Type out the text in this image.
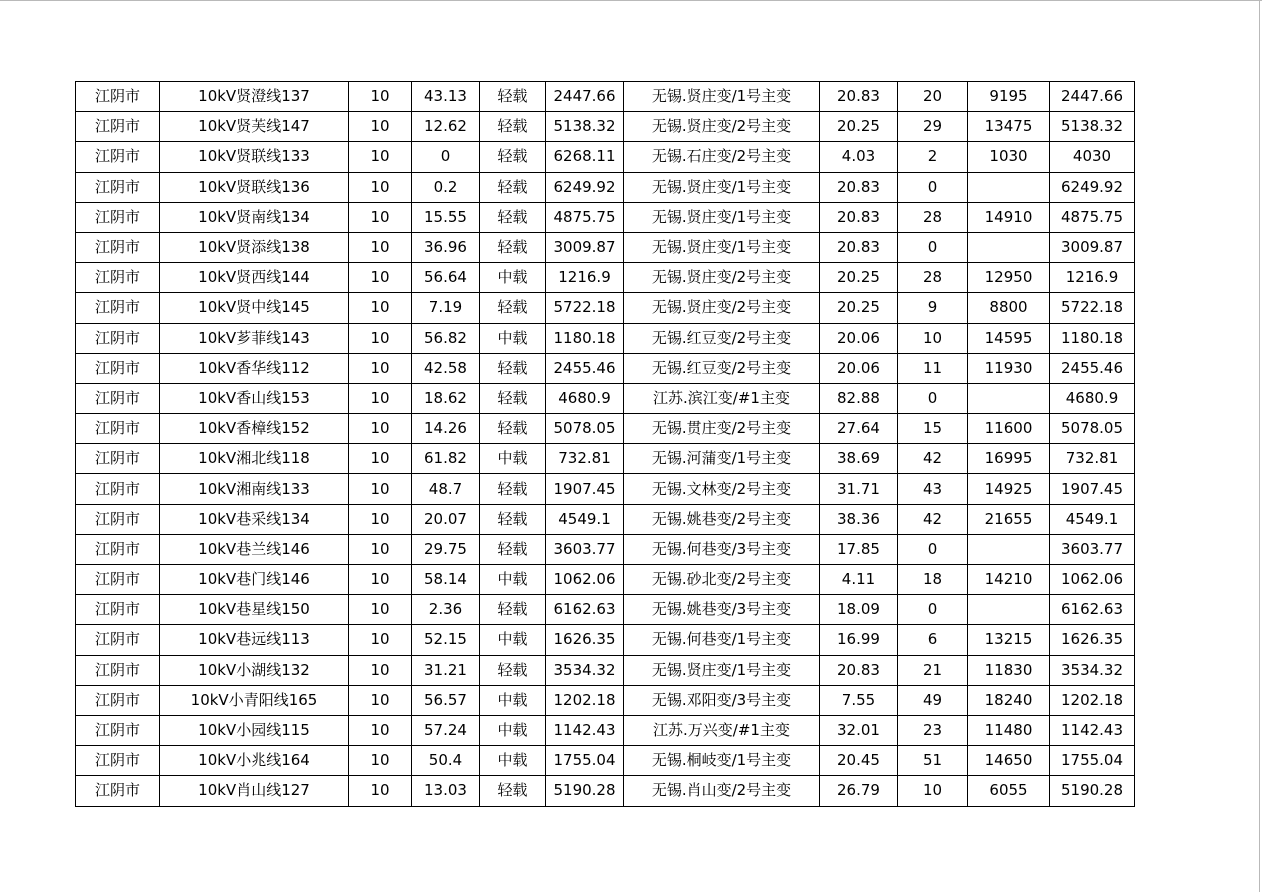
江阴市	10kV贤澄线137	10	43.13	轻载	2447.66	无锡.贤庄变/1号主变	20.83	20	9195	2447.66
江阴市	10kV贤芙线147	10	12.62	轻载	5138.32	无锡.贤庄变/2号主变	20.25	29	13475	5138.32
江阴市	10kV贤联线133	10	0	轻载	6268.11	无锡.石庄变/2号主变	4.03	2	1030	4030
江阴市	10kV贤联线136	10	0.2	轻载	6249.92	无锡.贤庄变/1号主变	20.83	0		6249.92
江阴市	10kV贤南线134	10	15.55	轻载	4875.75	无锡.贤庄变/1号主变	20.83	28	14910	4875.75
江阴市	10kV贤添线138	10	36.96	轻载	3009.87	无锡.贤庄变/1号主变	20.83	0		3009.87
江阴市	10kV贤西线144	10	56.64	中载	1216.9	无锡.贤庄变/2号主变	20.25	28	12950	1216.9
江阴市	10kV贤中线145	10	7.19	轻载	5722.18	无锡.贤庄变/2号主变	20.25	9	8800	5722.18
江阴市	10kV芗菲线143	10	56.82	中载	1180.18	无锡.红豆变/2号主变	20.06	10	14595	1180.18
江阴市	10kV香华线112	10	42.58	轻载	2455.46	无锡.红豆变/2号主变	20.06	11	11930	2455.46
江阴市	10kV香山线153	10	18.62	轻载	4680.9	江苏.滨江变/#1主变	82.88	0		4680.9
江阴市	10kV香樟线152	10	14.26	轻载	5078.05	无锡.贯庄变/2号主变	27.64	15	11600	5078.05
江阴市	10kV湘北线118	10	61.82	中载	732.81	无锡.河蒲变/1号主变	38.69	42	16995	732.81
江阴市	10kV湘南线133	10	48.7	轻载	1907.45	无锡.文林变/2号主变	31.71	43	14925	1907.45
江阴市	10kV巷采线134	10	20.07	轻载	4549.1	无锡.姚巷变/2号主变	38.36	42	21655	4549.1
江阴市	10kV巷兰线146	10	29.75	轻载	3603.77	无锡.何巷变/3号主变	17.85	0		3603.77
江阴市	10kV巷门线146	10	58.14	中载	1062.06	无锡.砂北变/2号主变	4.11	18	14210	1062.06
江阴市	10kV巷星线150	10	2.36	轻载	6162.63	无锡.姚巷变/3号主变	18.09	0		6162.63
江阴市	10kV巷远线113	10	52.15	中载	1626.35	无锡.何巷变/1号主变	16.99	6	13215	1626.35
江阴市	10kV小湖线132	10	31.21	轻载	3534.32	无锡.贤庄变/1号主变	20.83	21	11830	3534.32
江阴市	10kV小青阳线165	10	56.57	中载	1202.18	无锡.邓阳变/3号主变	7.55	49	18240	1202.18
江阴市	10kV小园线115	10	57.24	中载	1142.43	江苏.万兴变/#1主变	32.01	23	11480	1142.43
江阴市	10kV小兆线164	10	50.4	中载	1755.04	无锡.桐岐变/1号主变	20.45	51	14650	1755.04
江阴市	10kV肖山线127	10	13.03	轻载	5190.28	无锡.肖山变/2号主变	26.79	10	6055	5190.28
